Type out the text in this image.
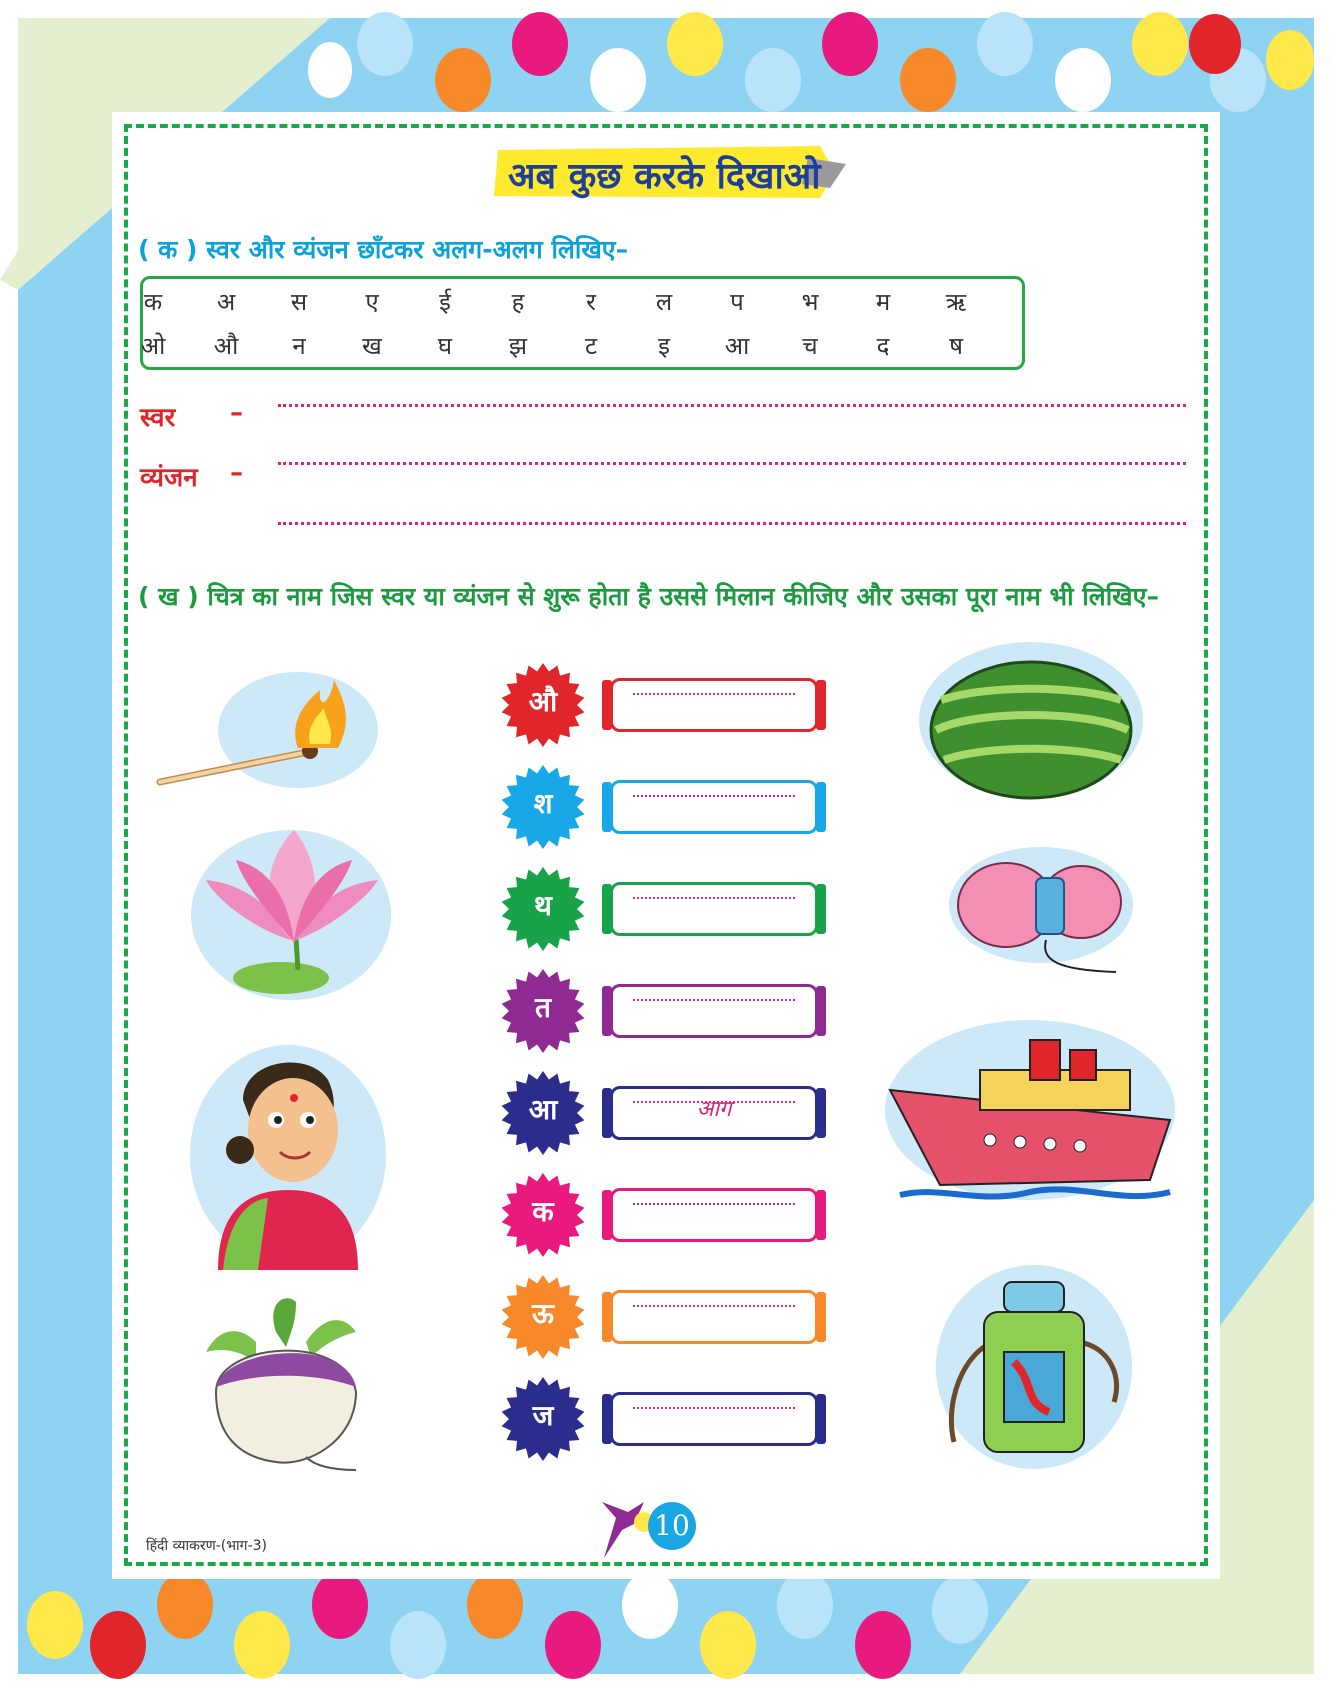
अब कुछ करके दिखाओ
( क ) स्वर और व्यंजन छाँटकर अलग-अलग लिखिए–
क	अ	स	ए	ई	ह	र	ल	प	भ	म	ऋ
ओ	औ	न	ख	घ	झ	ट	इ	आ	च	द	ष
स्वर –
व्यंजन –
( ख ) चित्र का नाम जिस स्वर या व्यंजन से शुरू होता है उससे मिलान कीजिए और उसका पूरा नाम भी लिखिए–
औ
श
थ
त
आ	आग
क
ऊ
ज
10
हिंदी व्याकरण-(भाग-3)
